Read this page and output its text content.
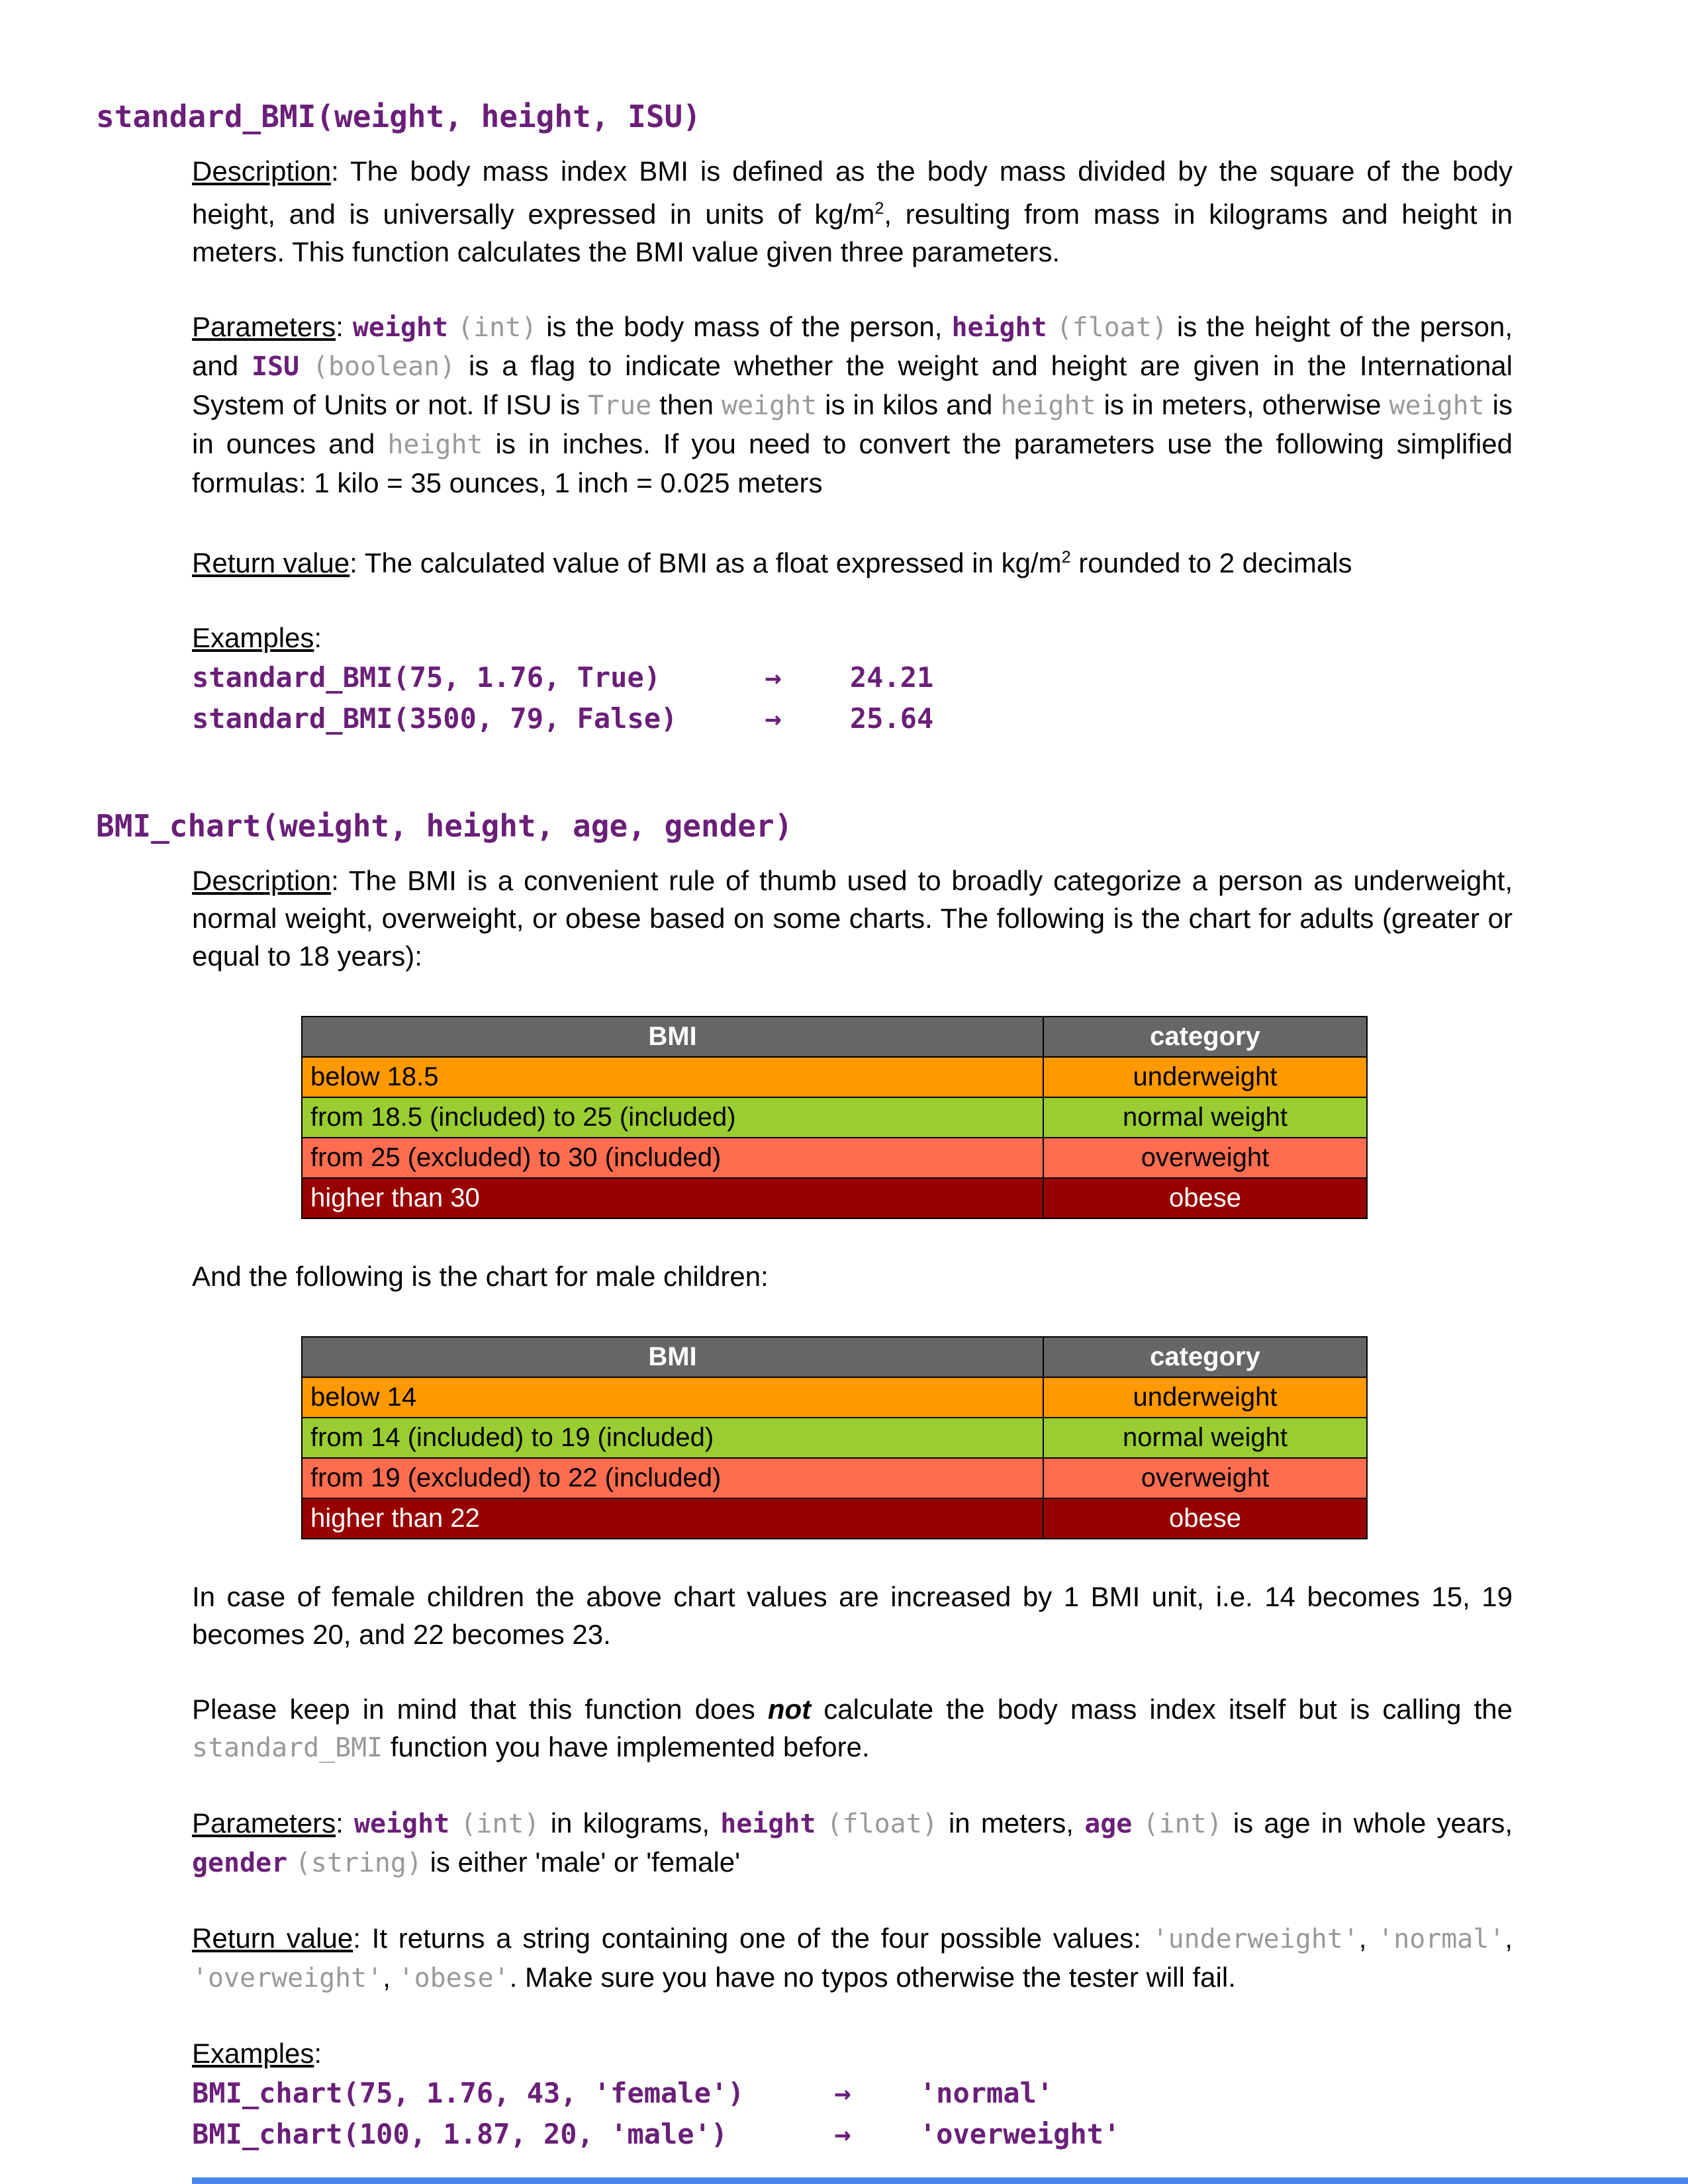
standard_BMI(weight, height, ISU)

Description: The body mass index BMI is defined as the body mass divided by the square of the body height, and is universally expressed in units of $kg/m^2$, resulting from mass in kilograms and height in meters. This function calculates the BMI value given three parameters.

Parameters: weight (int) is the body mass of the person, height (float) is the height of the person, and ISU (boolean) is a flag to indicate whether the weight and height are given in the International System of Units or not. If ISU is True then weight is in kilos and height is in meters, otherwise weight is in ounces and height is in inches. If you need to convert the parameters use the following simplified formulas: 1 kilo = 35 ounces, 1 inch = 0.025 meters

Return value: The calculated value of BMI as a float expressed in $kg/m^2$ rounded to 2 decimals

Examples:

standard_BMI(75, 1.76, True)	→ 24.21
standard_BMI(3500, 79, False)	→ 25.64
BMI_chart(weight, height, age, gender)

Description: The BMI is a convenient rule of thumb used to broadly categorize a person as underweight, normal weight, overweight, or obese based on some charts. The following is the chart for adults (greater or equal to 18 years):

BMI	category
below 18.5	underweight
from 18.5 (included) to 25 (included)	normal weight
from 25 (excluded) to 30 (included)	overweight
higher than 30	obese

And the following is the chart for male children:

BMI	category
below 14	underweight
from 14 (included) to 19 (included)	normal weight
from 19 (excluded) to 22 (included)	overweight
higher than 22	obese

In case of female children the above chart values are increased by 1 BMI unit, i.e. 14 becomes 15, 19 becomes 20, and 22 becomes 23.

Please keep in mind that this function does not calculate the body mass index itself but is calling the standard_BMI function you have implemented before.

Parameters: weight (int) in kilograms, height (float) in meters, age (int) is age in whole years, gender (string) is either 'male' or 'female'

Return value: It returns a string containing one of the four possible values: 'underweight', 'normal', 'overweight', 'obese'. Make sure you have no typos otherwise the tester will fail.

Examples:

BMI_chart(75, 1.76, 43, 'female')	→ 'normal'
BMI_chart(100, 1.87, 20, 'male')	→ 'overweight'
